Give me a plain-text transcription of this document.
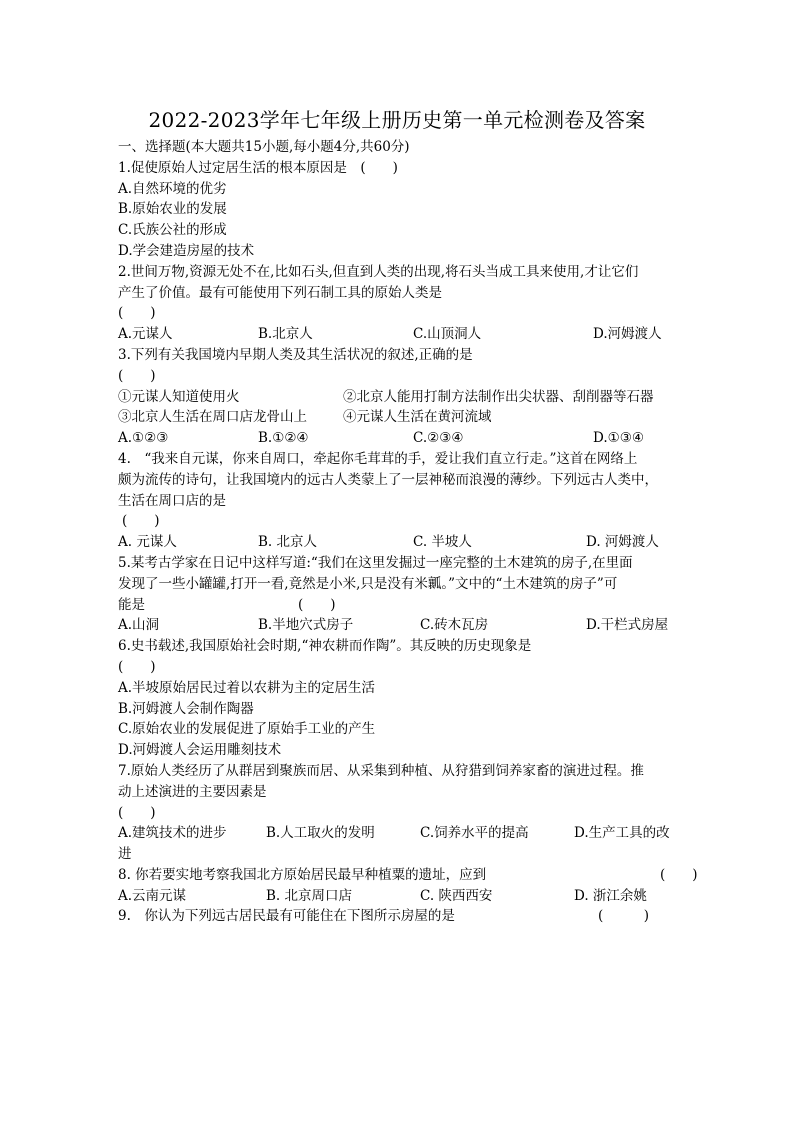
2022-2023学年七年级上册历史第一单元检测卷及答案
一、选择题(本大题共15小题,每小题4分,共60分)
1.促使原始人过定居生活的根本原因是　(　　)
A.自然环境的优劣
B.原始农业的发展
C.氏族公社的形成
D.学会建造房屋的技术
2.世间万物,资源无处不在,比如石头,但直到人类的出现,将石头当成工具来使用,才让它们
产生了价值。最有可能使用下列石制工具的原始人类是
(　　)
A.元谋人	B.北京人	C.山顶洞人	D.河姆渡人
3.下列有关我国境内早期人类及其生活状况的叙述,正确的是
(　　)
①元谋人知道使用火	②北京人能用打制方法制作出尖状器、刮削器等石器
③北京人生活在周口店龙骨山上	④元谋人生活在黄河流域
A.①②③	B.①②④	C.②③④	D.①③④
4.　“我来自元谋，你来自周口，牵起你毛茸茸的手，爱让我们直立行走。”这首在网络上
颇为流传的诗句，让我国境内的远古人类蒙上了一层神秘而浪漫的薄纱。下列远古人类中，
生活在周口店的是
(　　)
A. 元谋人	B. 北京人	C. 半坡人	D. 河姆渡人
5.某考古学家在日记中这样写道:“我们在这里发掘过一座完整的土木建筑的房子,在里面
发现了一些小罐罐,打开一看,竟然是小米,只是没有米瓤。”文中的“土木建筑的房子”可
能是	(　　)
A.山洞	B.半地穴式房子	C.砖木瓦房	D.干栏式房屋
6.史书载述,我国原始社会时期,“神农耕而作陶”。其反映的历史现象是
(　　)
A.半坡原始居民过着以农耕为主的定居生活
B.河姆渡人会制作陶器
C.原始农业的发展促进了原始手工业的产生
D.河姆渡人会运用雕刻技术
7.原始人类经历了从群居到聚族而居、从采集到种植、从狩猎到饲养家畜的演进过程。推
动上述演进的主要因素是
(　　)
A.建筑技术的进步	B.人工取火的发明	C.饲养水平的提高	D.生产工具的改
进
8. 你若要实地考察我国北方原始居民最早种植粟的遗址，应到	(　　)
A.云南元谋	B. 北京周口店	C. 陕西西安	D. 浙江余姚
9.　你认为下列远古居民最有可能住在下图所示房屋的是	(　　　)
